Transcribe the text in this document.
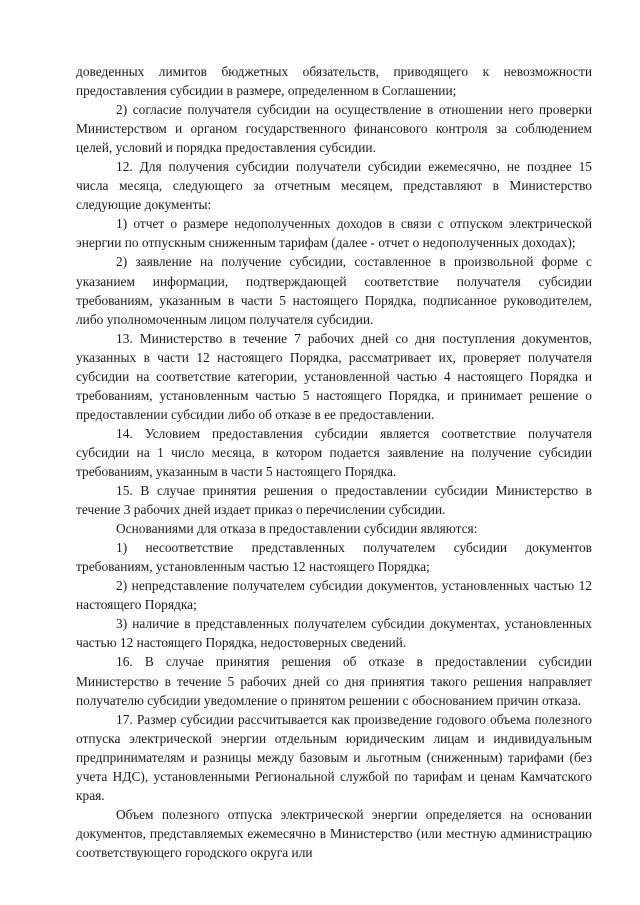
доведенных лимитов бюджетных обязательств, приводящего к невозможности предоставления субсидии в размере, определенном в Соглашении;

2) согласие получателя субсидии на осуществление в отношении него проверки Министерством и органом государственного финансового контроля за соблюдением целей, условий и порядка предоставления субсидии.

12. Для получения субсидии получатели субсидии ежемесячно, не позднее 15 числа месяца, следующего за отчетным месяцем, представляют в Министерство следующие документы:

1) отчет о размере недополученных доходов в связи с отпуском электрической энергии по отпускным сниженным тарифам (далее - отчет о недополученных доходах);

2) заявление на получение субсидии, составленное в произвольной форме с указанием информации, подтверждающей соответствие получателя субсидии требованиям, указанным в части 5 настоящего Порядка, подписанное руководителем, либо уполномоченным лицом получателя субсидии.

13. Министерство в течение 7 рабочих дней со дня поступления документов, указанных в части 12 настоящего Порядка, рассматривает их, проверяет получателя субсидии на соответствие категории, установленной частью 4 настоящего Порядка и требованиям, установленным частью 5 настоящего Порядка, и принимает решение о предоставлении субсидии либо об отказе в ее предоставлении.

14. Условием предоставления субсидии является соответствие получателя субсидии на 1 число месяца, в котором подается заявление на получение субсидии требованиям, указанным в части 5 настоящего Порядка.

15. В случае принятия решения о предоставлении субсидии Министерство в течение 3 рабочих дней издает приказ о перечислении субсидии.

Основаниями для отказа в предоставлении субсидии являются:

1) несоответствие представленных получателем субсидии документов требованиям, установленным частью 12 настоящего Порядка;

2) непредставление получателем субсидии документов, установленных частью 12 настоящего Порядка;

3) наличие в представленных получателем субсидии документах, установленных частью 12 настоящего Порядка, недостоверных сведений.

16. В случае принятия решения об отказе в предоставлении субсидии Министерство в течение 5 рабочих дней со дня принятия такого решения направляет получателю субсидии уведомление о принятом решении с обоснованием причин отказа.

17. Размер субсидии рассчитывается как произведение годового объема полезного отпуска электрической энергии отдельным юридическим лицам и индивидуальным предпринимателям и разницы между базовым и льготным (сниженным) тарифами (без учета НДС), установленными Региональной службой по тарифам и ценам Камчатского края.

Объем полезного отпуска электрической энергии определяется на основании документов, представляемых ежемесячно в Министерство (или местную администрацию соответствующего городского округа или
